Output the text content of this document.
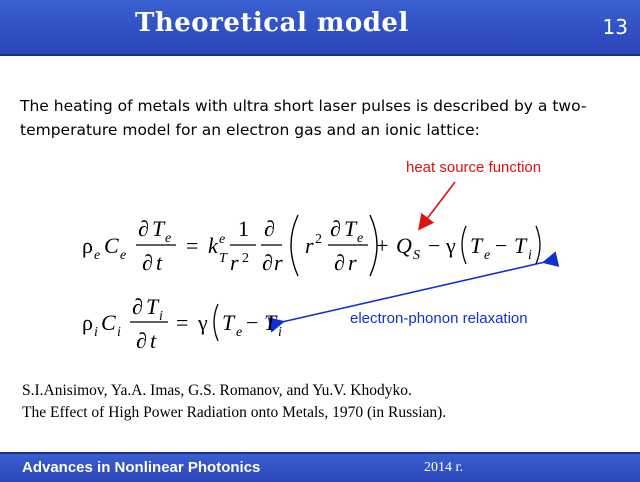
Theoretical model	13
The heating of metals with ultra short laser pulses is described by a two-temperature model for an electron gas and an ionic lattice:
heat source function
electron-phonon relaxation
ρ e C e
∂ T e
∂ t
= k e
T
1
r 2
∂
∂ r
r 2 ∂ T e
∂ r
+ Q S − γ T e − T i
ρ i C i
∂ T i
∂ t
= γ T e − T i
S.I.Anisimov, Ya.A. Imas, G.S. Romanov, and Yu.V. Khodyko.
The Effect of High Power Radiation onto Metals, 1970 (in Russian).
Advances in Nonlinear Photonics	2014 г.
